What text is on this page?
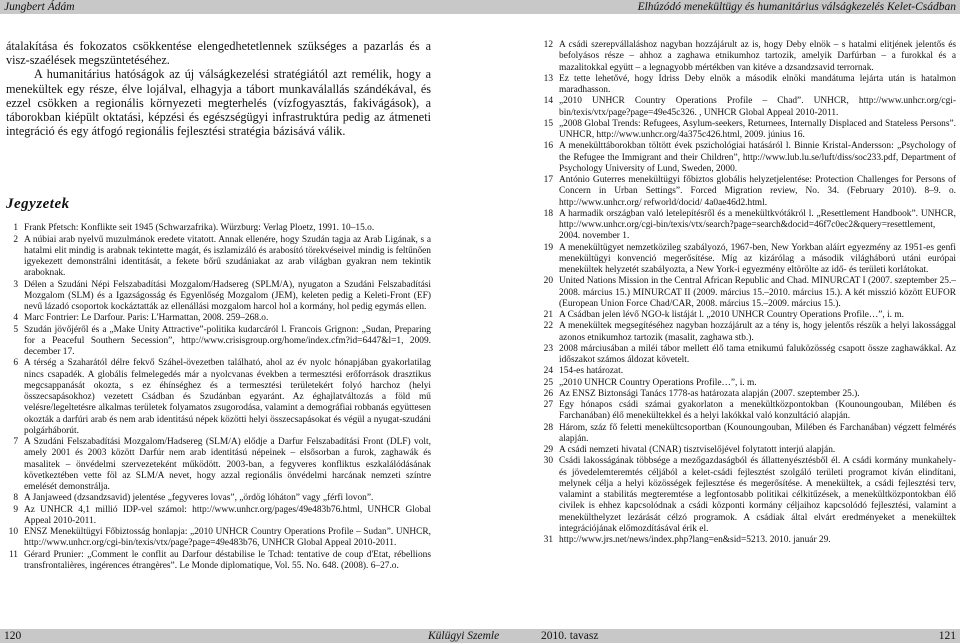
Jungbert Ádám	Elhúzódó menekültügy és humanitárius válságkezelés Kelet-Csádban

átalakítása és fokozatos csökkentése elengedhetetlennek szükséges a pazarlás és a visz-szaélések megszüntetéséhez.

A humanitárius hatóságok az új válságkezelési stratégiától azt remélik, hogy a menekültek egy része, élve lojálval, elhagyja a tábort munkaválallás szándékával, és ezzel csökken a regionális környezeti megterhelés (vízfogyasztás, fakivágások), a táborokban kiépült oktatási, képzési és egészségügyi infrastruktúra pedig az átmeneti integráció és egy átfogó regionális fejlesztési stratégia bázisává válik.

Jegyzetek
1 Frank Pfetsch: Konflikte seit 1945 (Schwarzafrika). Würzburg: Verlag Ploetz, 1991. 10–15.o.
2 A núbiai arab nyelvű muzulmánok eredete vitatott. Annak ellenére, hogy Szudán tagja az Arab Ligának, s a hatalmi elit mindig is arabnak tekintette magát, és iszlamizáló és arabosító törekvéseivel mindig is feltűnően igyekezett demonstrálni identitását, a fekete bőrű szudániakat az arab világban gyakran nem tekintik araboknak.
3 Délen a Szudáni Népi Felszabadítási Mozgalom/Hadsereg (SPLM/A), nyugaton a Szudáni Felszabadítási Mozgalom (SLM) és a Igazságosság és Egyenlőség Mozgalom (JEM), keleten pedig a Keleti-Front (EF) nevű lázadó csoportok kockáztatták az ellenállási mozgalom harcol hol a kormány, hol pedig egymás ellen.
4 Marc Fontrier: Le Darfour. Paris: L'Harmattan, 2008. 259–268.o.
5 Szudán jövőjéről és a „Make Unity Attractive”-politika kudarcáról l. Francois Grignon: „Sudan, Preparing for a Peaceful Southern Secession”, http://www.crisisgroup.org/home/index.cfm?id=6447&l=1, 2009. december 17.
6 A térség a Szaharától délre fekvő Száhel-övezetben található, ahol az év nyolc hónapjában gyakorlatilag nincs csapadék. A globális felmelegedés már a nyolcvanas években a termesztési erőforrások drasztikus megcsappanását okozta, s ez éhínséghez és a termesztési területekért folyó harchoz (helyi összecsapásokhoz) vezetett Csádban és Szudánban egyaránt. Az éghajlatváltozás a föld mű velésre/legeltetésre alkalmas területek folyamatos zsugorodása, valamint a demográfiai robbanás együttesen okozták a darfúri arab és nem arab identitású népek közötti helyi összecsapásokat és végül a nyugat-szudáni polgárháborút.
7 A Szudáni Felszabadítási Mozgalom/Hadsereg (SLM/A) elődje a Darfur Felszabadítási Front (DLF) volt, amely 2001 és 2003 között Darfúr nem arab identitású népeinek – elsősorban a furok, zaghawák és masalitek – önvédelmi szervezeteként működött. 2003-ban, a fegyveres konfliktus eszkalálódásának következtében vette föl az SLM/A nevet, hogy azzal regionális önvédelmi harcának nemzeti színtre emelését demonstrálja.
8 A Janjaweed (dzsandzsavid) jelentése „fegyveres lovas”, „ördög lóháton” vagy „férfi lovon”.
9 Az UNHCR 4,1 millió IDP-vel számol: http://www.unhcr.org/pages/49e483b76.html, UNHCR Global Appeal 2010-2011.
10 ENSZ Menekültügyi Főbiztosság honlapja: „2010 UNHCR Country Operations Profile – Sudan”. UNHCR, http://www.unhcr.org/cgi-bin/texis/vtx/page?page=49e483b76, UNHCR Global Appeal 2010-2011.
11 Gérard Prunier: „Comment le conflit au Darfour déstabilise le Tchad: tentative de coup d'Etat, rébellions transfrontalières, ingérences étrangères”. Le Monde diplomatique, Vol. 55. No. 648. (2008). 6–27.o.
12 A csádi szerepvállaláshoz nagyban hozzájárult az is, hogy Deby elnök – s hatalmi elitjének jelentős és befolyásos része – ahhoz a zaghawa etnikumhoz tartozik, amelyik Darfúrban – a furokkal és a mazalitokkal együtt – a legnagyobb mértékben van kitéve a dzsandzsavid terrornak.
13 Ez tette lehetővé, hogy Idriss Deby elnök a második elnöki mandátuma lejárta után is hatalmon maradhasson.
14 „2010 UNHCR Country Operations Profile – Chad”. UNHCR, http://www.unhcr.org/cgi-bin/texis/vtx/page?page=49e45c326. , UNHCR Global Appeal 2010-2011.
15 „2008 Global Trends: Refugees, Asylum-seekers, Returnees, Internally Displaced and Stateless Persons”. UNHCR, http://www.unhcr.org/4a375c426.html, 2009. június 16.
16 A menekülttáborokban töltött évek pszichológiai hatásáról l. Binnie Kristal-Andersson: „Psychology of the Refugee the Immigrant and their Children”, http://www.lub.lu.se/luft/diss/soc233.pdf, Department of Psychology University of Lund, Sweden, 2000.
17 António Guterres menekültügyi főbiztos globális helyzetjelentése: Protection Challenges for Persons of Concern in Urban Settings”. Forced Migration review, No. 34. (February 2010). 8–9. o. http://www.unhcr.org/ refworld/docid/ 4a0ae46d2.html.
18 A harmadik országban való letelepítésről és a menekültkvótákról l. „Resettlement Handbook”. UNHCR, http://www.unhcr.org/cgi-bin/texis/vtx/search?page=search&docid=46f7c0ec2&query=resettlement, 2004. november 1.
19 A menekültügyet nemzetközileg szabályozó, 1967-ben, New Yorkban aláírt egyezmény az 1951-es genfi menekültügyi konvenció megerősítése. Míg az kizárólag a második világháború utáni európai menekültek helyzetét szabályozta, a New York-i egyezmény eltörölte az idő- és területi korlátokat.
20 United Nations Mission in the Central African Republic and Chad. MINURCAT I (2007. szeptember 25.–2008. március 15.) MINURCAT II (2009. március 15.–2010. március 15.). A két misszió között EUFOR (European Union Force Chad/CAR, 2008. március 15.–2009. március 15.).
21 A Csádban jelen lévő NGO-k listáját l. „2010 UNHCR Country Operations Profile…”, i. m.
22 A menekültek megsegítéséhez nagyban hozzájárult az a tény is, hogy jelentős részük a helyi lakossággal azonos etnikumhoz tartozik (masalit, zaghawa stb.).
23 2008 márciusában a miléi tábor mellett élő tama etnikumú faluközösség csapott össze zaghawákkal. Az időszakot számos áldozat követelt.
24 154-es határozat.
25 „2010 UNHCR Country Operations Profile…”, i. m.
26 Az ENSZ Biztonsági Tanács 1778-as határozata alapján (2007. szeptember 25.).
27 Egy hónapos csádi számai gyakorlaton a menekültközpontokban (Kounoungouban, Milében és Farchanában) élő menekültekkel és a helyi lakókkal való konzultáció alapján.
28 Három, száz fő feletti menekültcsoportban (Kounoungouban, Milében és Farchanában) végzett felmérés alapján.
29 A csádi nemzeti hivatal (CNAR) tisztviselőjével folytatott interjú alapján.
30 Csádi lakosságának többsége a mezőgazdaságból és állattenyésztésből él. A csádi kormány munkahely- és jövedelemteremtés céljából a kelet-csádi fejlesztést szolgáló területi programot kíván elindítani, melynek célja a helyi közösségek fejlesztése és megerősítése. A menekültek, a csádi fejlesztési terv, valamint a stabilitás megteremtése a legfontosabb politikai célkitűzések, a menekültközpontokban élő civilek is ehhez kapcsolódnak a csádi központi kormány céljaihoz kapcsolódó fejlesztési, valamint a menekülthelyzet lezárását célzó programok. A csádiak által elvárt eredményeket a menekültek integrációjának előmozdításával érik el.
31 http://www.jrs.net/news/index.php?lang=en&sid=5213. 2010. január 29.
120	Külügyi Szemle	2010. tavasz	121
